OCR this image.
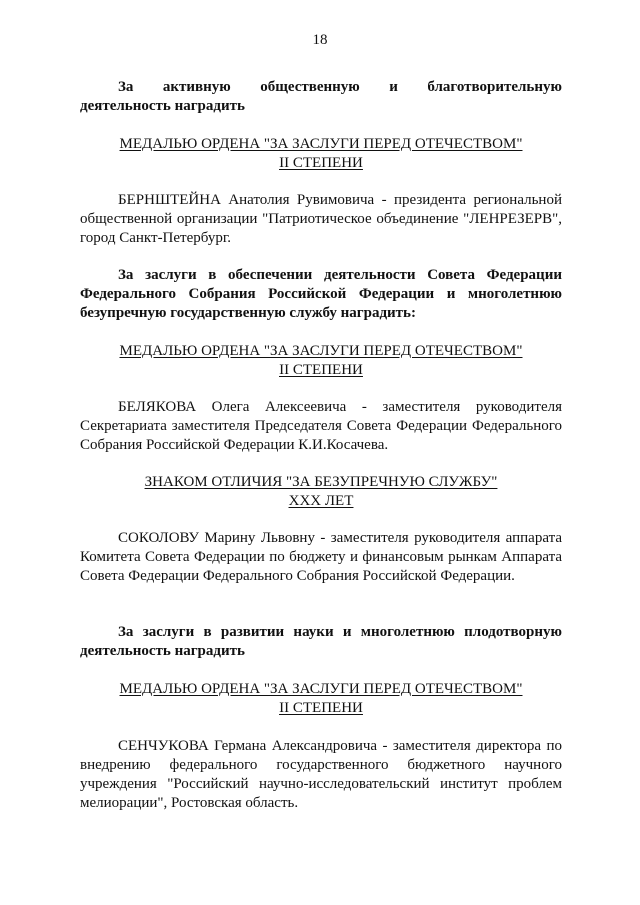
18
За активную общественную и благотворительную
деятельность наградить
МЕДАЛЬЮ ОРДЕНА "ЗА ЗАСЛУГИ ПЕРЕД ОТЕЧЕСТВОМ"
II СТЕПЕНИ
БЕРНШТЕЙНА Анатолия Рувимовича - президента региональной общественной организации "Патриотическое объединение "ЛЕНРЕЗЕРВ", город Санкт-Петербург.
За заслуги в обеспечении деятельности Совета Федерации Федерального Собрания Российской Федерации и многолетнюю безупречную государственную службу наградить:
МЕДАЛЬЮ ОРДЕНА "ЗА ЗАСЛУГИ ПЕРЕД ОТЕЧЕСТВОМ"
II СТЕПЕНИ
БЕЛЯКОВА Олега Алексеевича - заместителя руководителя Секретариата заместителя Председателя Совета Федерации Федерального Собрания Российской Федерации К.И.Косачева.
ЗНАКОМ ОТЛИЧИЯ "ЗА БЕЗУПРЕЧНУЮ СЛУЖБУ"
XXX ЛЕТ
СОКОЛОВУ Марину Львовну - заместителя руководителя аппарата Комитета Совета Федерации по бюджету и финансовым рынкам Аппарата Совета Федерации Федерального Собрания Российской Федерации.
За заслуги в развитии науки и многолетнюю плодотворную деятельность наградить
МЕДАЛЬЮ ОРДЕНА "ЗА ЗАСЛУГИ ПЕРЕД ОТЕЧЕСТВОМ"
II СТЕПЕНИ
СЕНЧУКОВА Германа Александровича - заместителя директора по внедрению федерального государственного бюджетного научного учреждения "Российский научно-исследовательский институт проблем мелиорации", Ростовская область.
